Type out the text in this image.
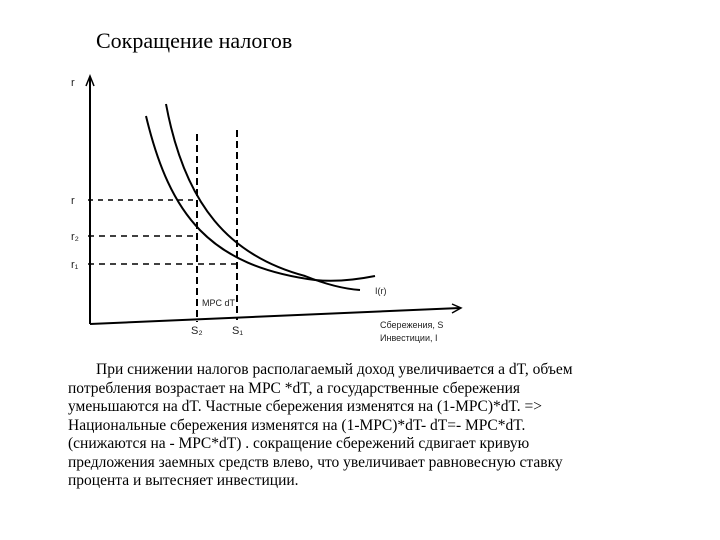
Сокращение налогов
r
r
r₂
r₁
I(r)
MPC dT
S₂	S₁	Сбережения, S
Инвестиции, I

При снижении налогов располагаемый доход увеличивается а dT, объем
потребления возрастает на MPC *dT, а государственные сбережения
уменьшаются на dT. Частные сбережения изменятся на (1-MPC)*dT. =>
Национальные сбережения изменятся на (1-MPC)*dT- dT=- MPC*dT.
(снижаются на - MPC*dT) . сокращение сбережений сдвигает кривую
предложения заемных средств влево, что увеличивает равновесную ставку
процента и вытесняет инвестиции.
